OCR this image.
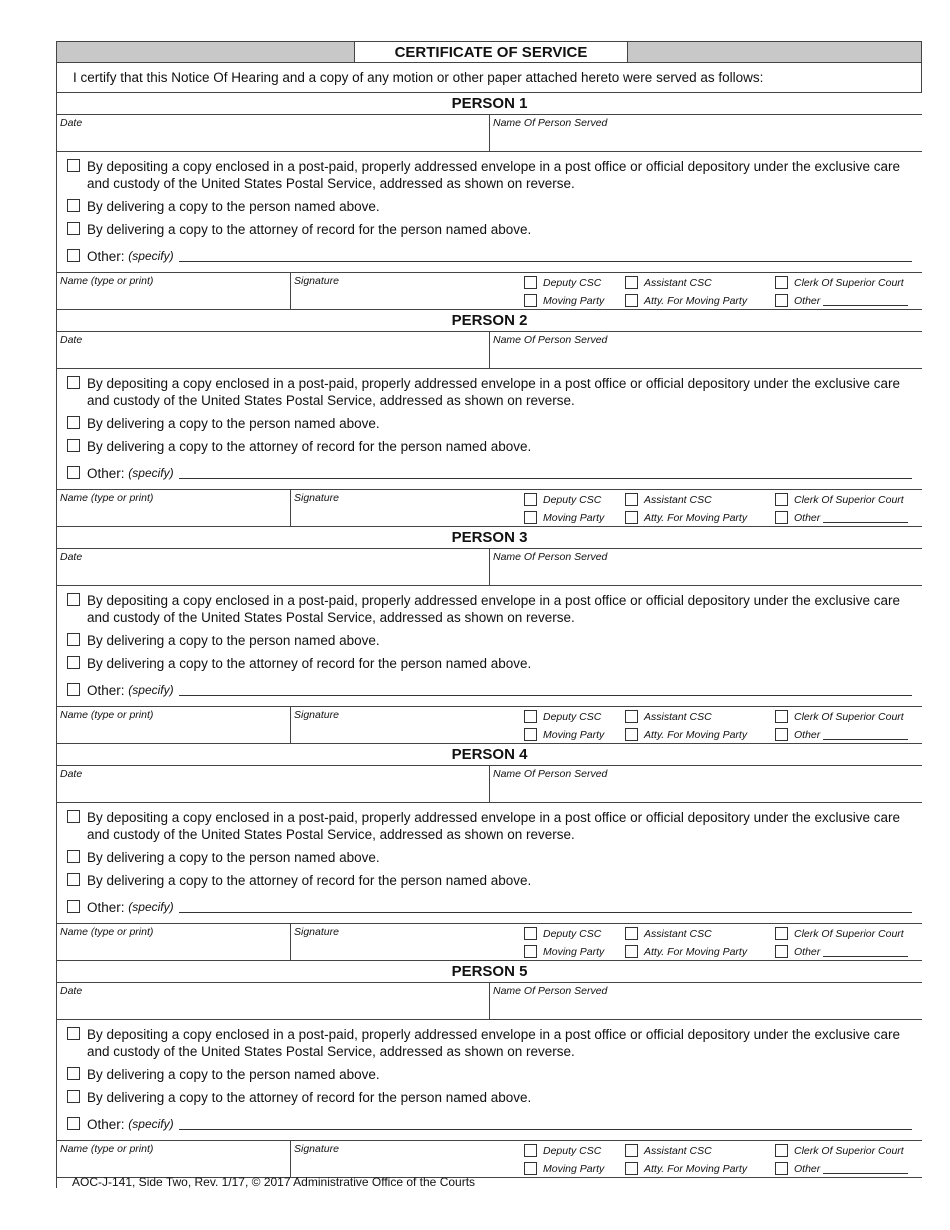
CERTIFICATE OF SERVICE
I certify that this Notice Of Hearing and a copy of any motion or other paper attached hereto were served as follows:
PERSON 1
Date	Name Of Person Served
By depositing a copy enclosed in a post-paid, properly addressed envelope in a post office or official depository under the exclusive care and custody of the United States Postal Service, addressed as shown on reverse.
By delivering a copy to the person named above.
By delivering a copy to the attorney of record for the person named above.
Other:
(specify)
Name (type or print)	Signature	Deputy CSC	Assistant CSC	Clerk Of Superior Court
Moving Party	Atty. For Moving Party	Other
PERSON 2
Date	Name Of Person Served
By depositing a copy enclosed in a post-paid, properly addressed envelope in a post office or official depository under the exclusive care and custody of the United States Postal Service, addressed as shown on reverse.
By delivering a copy to the person named above.
By delivering a copy to the attorney of record for the person named above.
Other:
(specify)
Name (type or print)	Signature	Deputy CSC	Assistant CSC	Clerk Of Superior Court
Moving Party	Atty. For Moving Party	Other
PERSON 3
Date	Name Of Person Served
By depositing a copy enclosed in a post-paid, properly addressed envelope in a post office or official depository under the exclusive care and custody of the United States Postal Service, addressed as shown on reverse.
By delivering a copy to the person named above.
By delivering a copy to the attorney of record for the person named above.
Other:
(specify)
Name (type or print)	Signature	Deputy CSC	Assistant CSC	Clerk Of Superior Court
Moving Party	Atty. For Moving Party	Other
PERSON 4
Date	Name Of Person Served
By depositing a copy enclosed in a post-paid, properly addressed envelope in a post office or official depository under the exclusive care and custody of the United States Postal Service, addressed as shown on reverse.
By delivering a copy to the person named above.
By delivering a copy to the attorney of record for the person named above.
Other:
(specify)
Name (type or print)	Signature	Deputy CSC	Assistant CSC	Clerk Of Superior Court
Moving Party	Atty. For Moving Party	Other
PERSON 5
Date	Name Of Person Served
By depositing a copy enclosed in a post-paid, properly addressed envelope in a post office or official depository under the exclusive care and custody of the United States Postal Service, addressed as shown on reverse.
By delivering a copy to the person named above.
By delivering a copy to the attorney of record for the person named above.
Other:
(specify)
Name (type or print)	Signature	Deputy CSC	Assistant CSC	Clerk Of Superior Court
Moving Party	Atty. For Moving Party	Other
AOC-J-141, Side Two, Rev. 1/17, © 2017 Administrative Office of the Courts
